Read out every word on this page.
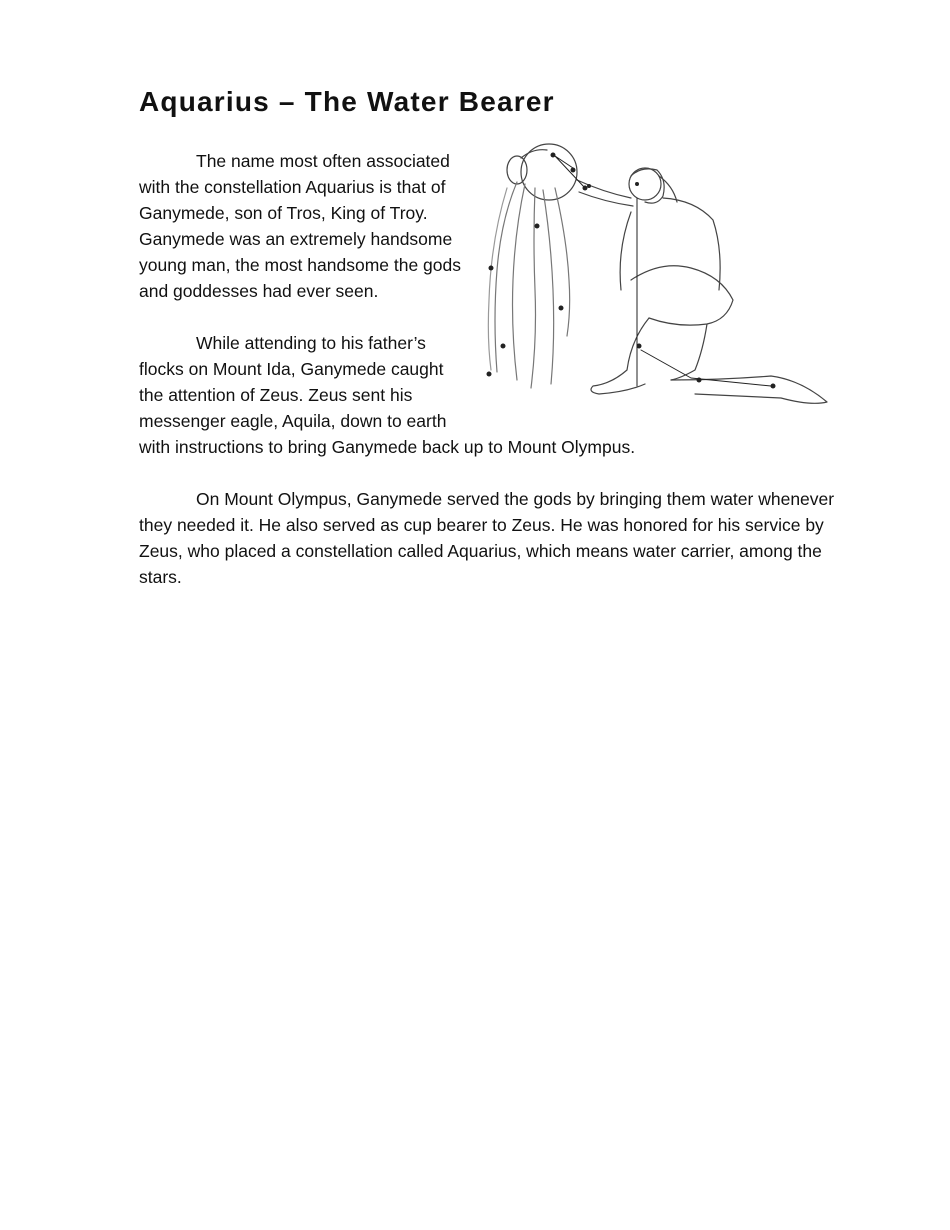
Aquarius – The Water Bearer

The name most often associated with the constellation Aquarius is that of Ganymede, son of Tros, King of Troy. Ganymede was an extremely handsome young man, the most handsome the gods and goddesses had ever seen.

While attending to his father’s flocks on Mount Ida, Ganymede caught the attention of Zeus. Zeus sent his messenger eagle, Aquila, down to earth with instructions to bring Ganymede back up to Mount Olympus.

On Mount Olympus, Ganymede served the gods by bringing them water whenever they needed it. He also served as cup bearer to Zeus. He was honored for his service by Zeus, who placed a constellation called Aquarius, which means water carrier, among the stars.
